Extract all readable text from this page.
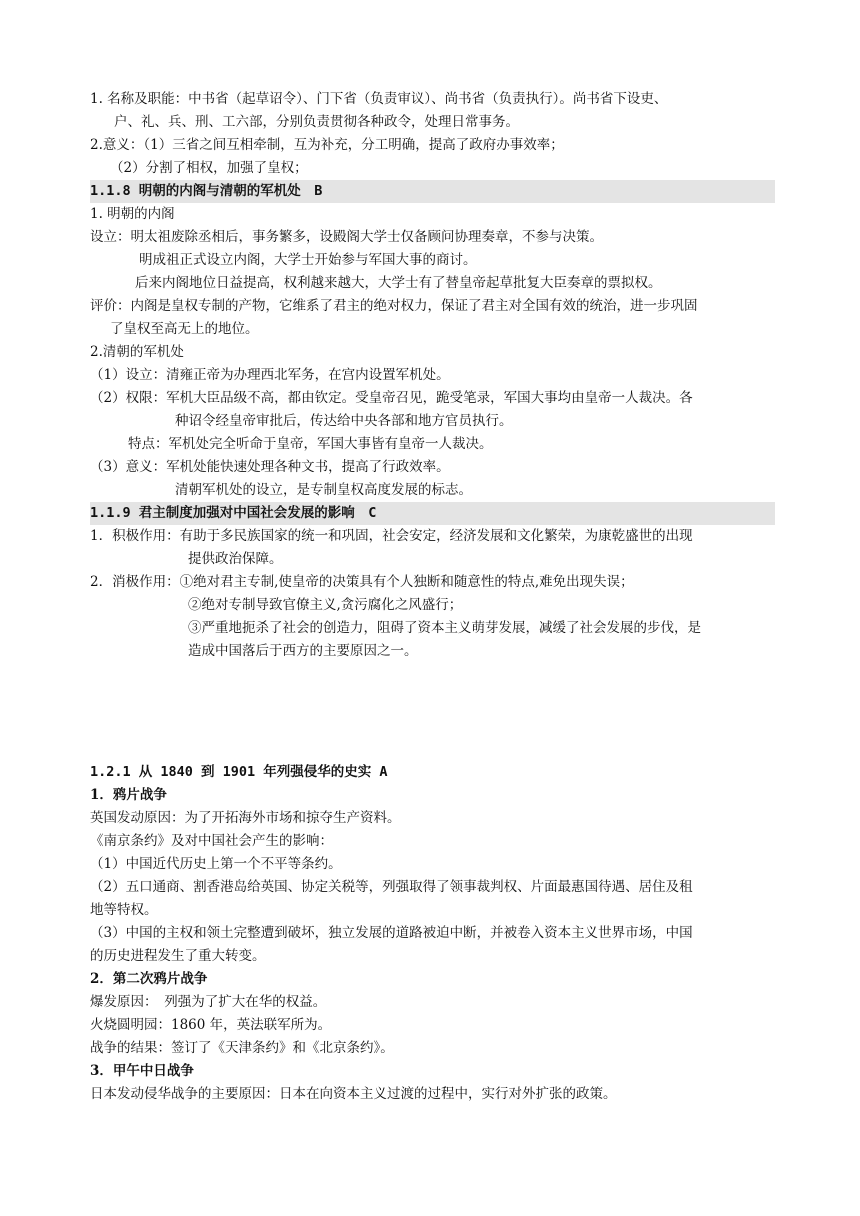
1. 名称及职能：中书省（起草诏令）、门下省（负责审议）、尚书省（负责执行）。尚书省下设吏、
户、礼、兵、刑、工六部，分别负责贯彻各种政令，处理日常事务。
2.意义：（1）三省之间互相牵制，互为补充，分工明确，提高了政府办事效率；
（2）分割了相权，加强了皇权；
1.1.8 明朝的内阁与清朝的军机处　B
1. 明朝的内阁
设立：明太祖废除丞相后，事务繁多，设殿阁大学士仅备顾问协理奏章，不参与决策。
明成祖正式设立内阁，大学士开始参与军国大事的商讨。
后来内阁地位日益提高，权利越来越大，大学士有了替皇帝起草批复大臣奏章的票拟权。
评价：内阁是皇权专制的产物，它维系了君主的绝对权力，保证了君主对全国有效的统治，进一步巩固
了皇权至高无上的地位。
2.清朝的军机处
（1）设立：清雍正帝为办理西北军务，在宫内设置军机处。
（2）权限：军机大臣品级不高，都由钦定。受皇帝召见，跪受笔录，军国大事均由皇帝一人裁决。各
种诏令经皇帝审批后，传达给中央各部和地方官员执行。
特点：军机处完全听命于皇帝，军国大事皆有皇帝一人裁决。
（3）意义：军机处能快速处理各种文书，提高了行政效率。
清朝军机处的设立，是专制皇权高度发展的标志。
1.1.9 君主制度加强对中国社会发展的影响　C
1．积极作用：有助于多民族国家的统一和巩固，社会安定，经济发展和文化繁荣，为康乾盛世的出现
提供政治保障。
2．消极作用：①绝对君主专制,使皇帝的决策具有个人独断和随意性的特点,难免出现失误；
②绝对专制导致官僚主义,贪污腐化之风盛行；
③严重地扼杀了社会的创造力，阻碍了资本主义萌芽发展，减缓了社会发展的步伐，是
造成中国落后于西方的主要原因之一。
1.2.1 从 1840 到 1901 年列强侵华的史实 A
1．鸦片战争
英国发动原因：为了开拓海外市场和掠夺生产资料。
《南京条约》及对中国社会产生的影响：
（1）中国近代历史上第一个不平等条约。
（2）五口通商、割香港岛给英国、协定关税等，列强取得了领事裁判权、片面最惠国待遇、居住及租
地等特权。
（3）中国的主权和领土完整遭到破坏，独立发展的道路被迫中断，并被卷入资本主义世界市场，中国
的历史进程发生了重大转变。
2．第二次鸦片战争
爆发原因：　列强为了扩大在华的权益。
火烧圆明园：1860 年，英法联军所为。
战争的结果：签订了《天津条约》和《北京条约》。
3．甲午中日战争
日本发动侵华战争的主要原因：日本在向资本主义过渡的过程中，实行对外扩张的政策。
